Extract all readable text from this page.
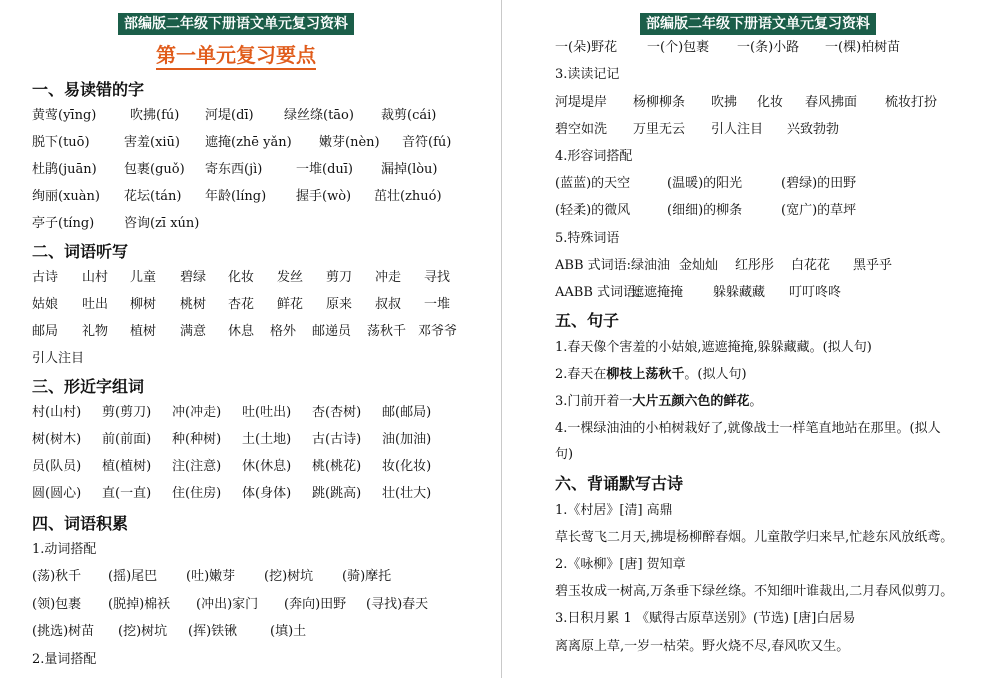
部编版二年级下册语文单元复习资料
第一单元复习要点
一、易读错的字
黄莺(yīng)	吹拂(fú) 河堤(dī) 绿丝绦(tāo) 裁剪(cái)
脱下(tuō)	害羞(xiū) 遮掩(zhē yǎn) 嫩芽(nèn) 音符(fú)
杜鹃(juān) 包裹(guǒ) 寄东西(jì)	一堆(duī) 漏掉(lòu)
绚丽(xuàn) 花坛(tán) 年龄(líng) 握手(wò) 茁壮(zhuó)
亭子(tíng) 咨询(zī xún)
二、词语听写
古诗 山村 儿童 碧绿 化妆 发丝 剪刀 冲走 寻找
姑娘 吐出 柳树 桃树 杏花 鲜花 原来 叔叔 一堆
邮局 礼物 植树 满意 休息 格外 邮递员 荡秋千 邓爷爷
引人注目
三、形近字组词
村(山村) 剪(剪刀) 冲(冲走) 吐(吐出) 杏(杏树) 邮(邮局)
树(树木) 前(前面) 种(种树) 土(土地) 古(古诗) 油(加油)
员(队员) 植(植树) 注(注意) 休(休息) 桃(桃花) 妆(化妆)
圆(圆心) 直(一直) 住(住房) 体(身体) 跳(跳高) 壮(壮大)
四、词语积累
1.动词搭配
(荡)秋千 (摇)尾巴 (吐)嫩芽 (挖)树坑 (骑)摩托
(领)包裹 (脱掉)棉袄 (冲出)家门 (奔向)田野 (寻找)春天
(挑选)树苗 (挖)树坑 (挥)铁锹	(填)土
2.量词搭配
部编版二年级下册语文单元复习资料
一(朵)野花 一(个)包裹 一(条)小路 一(棵)柏树苗
3.读读记记
河堤堤岸 杨柳柳条 吹拂 化妆 春风拂面 梳妆打扮
碧空如洗 万里无云 引人注目 兴致勃勃
4.形容词搭配
(蓝蓝)的天空	(温暖)的阳光	(碧绿)的田野
(轻柔)的微风	(细细)的柳条	(宽广)的草坪
5.特殊词语
ABB 式词语: 绿油油 金灿灿 红彤彤 白花花 黑乎乎
AABB 式词语:
遮遮掩掩 躲躲藏藏 叮叮咚咚
五、句子
1.春天像个害羞的小姑娘,遮遮掩掩,躲躲藏藏。(拟人句)
2.春天在柳枝上荡秋千。(拟人句)
3.门前开着一大片五颜六色的鲜花。
4.一棵绿油油的小柏树栽好了,就像战士一样笔直地站在那里。(拟人
句)
六、背诵默写古诗
1.《村居》[清] 高鼎
草长莺飞二月天,拂堤杨柳醉春烟。儿童散学归来早,忙趁东风放纸鸢。
2.《咏柳》[唐] 贺知章
碧玉妆成一树高,万条垂下绿丝绦。不知细叶谁裁出,二月春风似剪刀。
3.日积月累 1 《赋得古原草送别》(节选) [唐]白居易
离离原上草,一岁一枯荣。野火烧不尽,春风吹又生。
